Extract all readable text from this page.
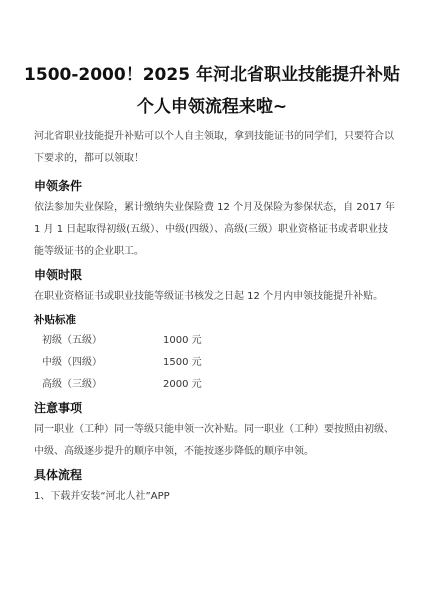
1500-2000！2025 年河北省职业技能提升补贴
个人申领流程来啦~
河北省职业技能提升补贴可以个人自主领取，拿到技能证书的同学们，只要符合以下要求的，都可以领取！
申领条件
依法参加失业保险，累计缴纳失业保险费 12 个月及保险为参保状态，自 2017 年 1 月 1 日起取得初级(五级）、中级(四级）、高级(三级）职业资格证书或者职业技能等级证书的企业职工。
申领时限
在职业资格证书或职业技能等级证书核发之日起 12 个月内申领技能提升补贴。
补贴标准
初级（五级）	1000 元
中级（四级）	1500 元
高级（三级）	2000 元
注意事项
同一职业（工种）同一等级只能申领一次补贴。同一职业（工种）要按照由初级、中级、高级逐步提升的顺序申领，不能按逐步降低的顺序申领。
具体流程
1、下载并安装“河北人社”APP
